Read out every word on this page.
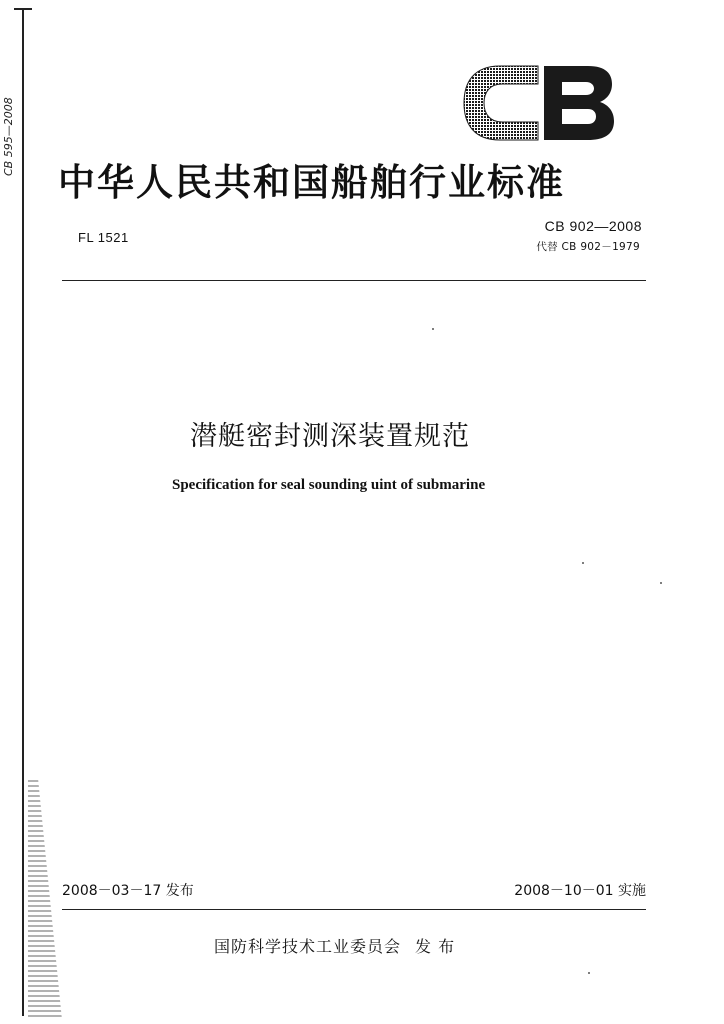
CB 595—2008
中华人民共和国船舶行业标准
FL 1521
CB 902—2008
代替 CB 902－1979
潜艇密封测深装置规范
Specification for seal sounding uint of submarine
2008－03－17 发布	2008－10－01 实施
国防科学技术工业委员会 发 布
